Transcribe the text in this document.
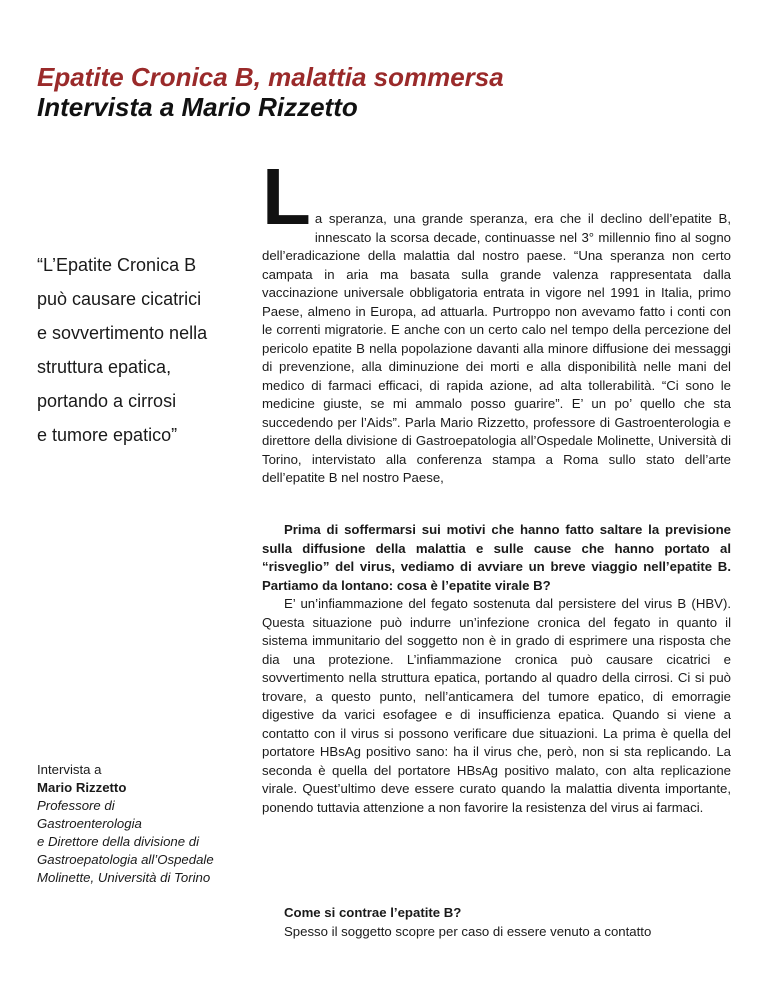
Epatite Cronica B, malattia sommersa
Intervista a Mario Rizzetto
“L’Epatite Cronica B
può causare cicatrici
e sovvertimento nella
struttura epatica,
portando a cirrosi
e tumore epatico”
Intervista a
Mario Rizzetto
Professore di
Gastroenterologia
e Direttore della divisione di
Gastroepatologia all’Ospedale
Molinette, Università di Torino

L a speranza, una grande speranza, era che il declino dell’epatite B, innescato la scorsa decade, continuasse nel 3° millennio fino al sogno dell’eradicazione della malattia dal nostro paese. “Una speranza non certo campata in aria ma basata sulla grande valenza rappresentata dalla vaccinazione universale obbligatoria entrata in vigore nel 1991 in Italia, primo Paese, almeno in Europa, ad attuarla. Purtroppo non avevamo fatto i conti con le correnti migratorie. E anche con un certo calo nel tempo della percezione del pericolo epatite B nella popolazione davanti alla minore diffusione dei messaggi di prevenzione, alla diminuzione dei morti e alla disponibilità nelle mani del medico di farmaci efficaci, di rapida azione, ad alta tollerabilità. “Ci sono le medicine giuste, se mi ammalo posso guarire”. E’ un po’ quello che sta succedendo per l’Aids”. Parla Mario Rizzetto, professore di Gastroenterologia e direttore della divisione di Gastroepatologia all’Ospedale Molinette, Università di Torino, intervistato alla conferenza stampa a Roma sullo stato dell’arte dell’epatite B nel nostro Paese,

Prima di soffermarsi sui motivi che hanno fatto saltare la previsione sulla diffusione della malattia e sulle cause che hanno portato al “risveglio” del virus, vediamo di avviare un breve viaggio nell’epatite B. Partiamo da lontano: cosa è l’epatite virale B?

E’ un’infiammazione del fegato sostenuta dal persistere del virus B (HBV). Questa situazione può indurre un’infezione cronica del fegato in quanto il sistema immunitario del soggetto non è in grado di esprimere una risposta che dia una protezione. L’infiammazione cronica può causare cicatrici e sovvertimento nella struttura epatica, portando al quadro della cirrosi. Ci si può trovare, a questo punto, nell’anticamera del tumore epatico, di emorragie digestive da varici esofagee e di insufficienza epatica. Quando si viene a contatto con il virus si possono verificare due situazioni. La prima è quella del portatore HBsAg positivo sano: ha il virus che, però, non si sta replicando. La seconda è quella del portatore HBsAg positivo malato, con alta replicazione virale. Quest’ultimo deve essere curato quando la malattia diventa importante, ponendo tuttavia attenzione a non favorire la resistenza del virus ai farmaci.

Come si contrae l’epatite B?

Spesso il soggetto scopre per caso di essere venuto a contatto
